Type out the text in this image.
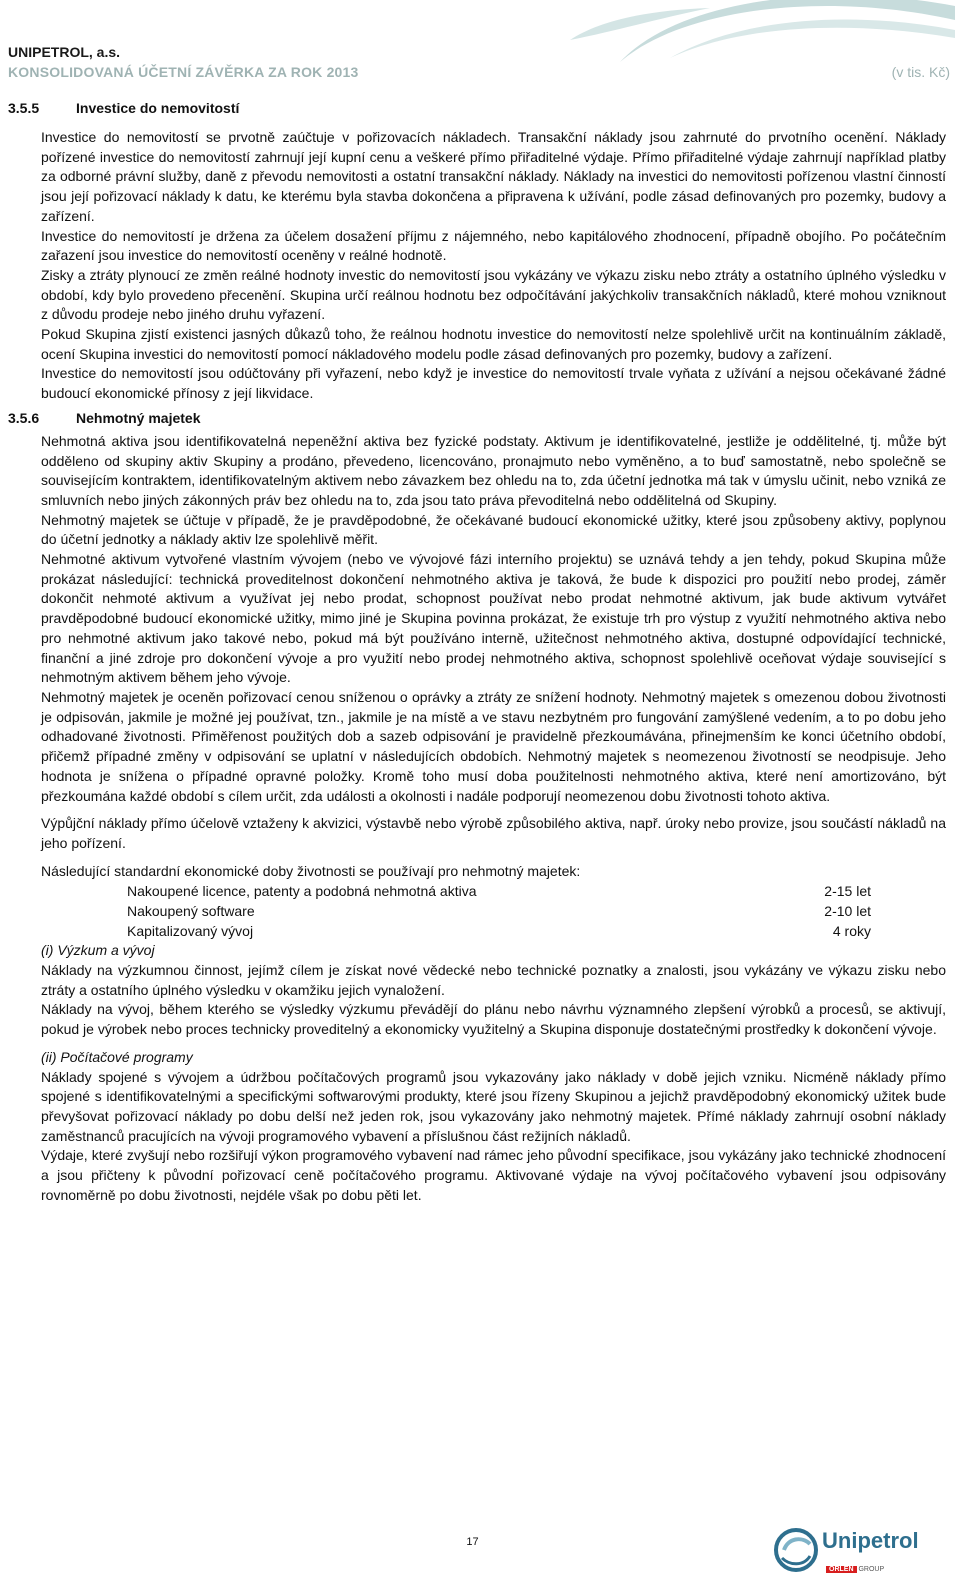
UNIPETROL, a.s.
KONSOLIDOVANÁ ÚČETNÍ ZÁVĚRKA ZA ROK 2013	(v tis. Kč)
3.5.5	Investice do nemovitostí

Investice do nemovitostí se prvotně zaúčtuje v pořizovacích nákladech. Transakční náklady jsou zahrnuté do prvotního ocenění. Náklady pořízené investice do nemovitostí zahrnují její kupní cenu a veškeré přímo přiřaditelné výdaje. Přímo přiřaditelné výdaje zahrnují například platby za odborné právní služby, daně z převodu nemovitosti a ostatní transakční náklady. Náklady na investici do nemovitosti pořízenou vlastní činností jsou její pořizovací náklady k datu, ke kterému byla stavba dokončena a připravena k užívání, podle zásad definovaných pro pozemky, budovy a zařízení.

Investice do nemovitostí je držena za účelem dosažení příjmu z nájemného, nebo kapitálového zhodnocení, případně obojího. Po počátečním zařazení jsou investice do nemovitostí oceněny v reálné hodnotě.

Zisky a ztráty plynoucí ze změn reálné hodnoty investic do nemovitostí jsou vykázány ve výkazu zisku nebo ztráty a ostatního úplného výsledku v období, kdy bylo provedeno přecenění. Skupina určí reálnou hodnotu bez odpočítávání jakýchkoliv transakčních nákladů, které mohou vzniknout z důvodu prodeje nebo jiného druhu vyřazení.

Pokud Skupina zjistí existenci jasných důkazů toho, že reálnou hodnotu investice do nemovitostí nelze spolehlivě určit na kontinuálním základě, ocení Skupina investici do nemovitostí pomocí nákladového modelu podle zásad definovaných pro pozemky, budovy a zařízení.

Investice do nemovitostí jsou odúčtovány při vyřazení, nebo když je investice do nemovitostí trvale vyňata z užívání a nejsou očekávané žádné budoucí ekonomické přínosy z její likvidace.

3.5.6	Nehmotný majetek

Nehmotná aktiva jsou identifikovatelná nepeněžní aktiva bez fyzické podstaty. Aktivum je identifikovatelné, jestliže je oddělitelné, tj. může být odděleno od skupiny aktiv Skupiny a prodáno, převedeno, licencováno, pronajmuto nebo vyměněno, a to buď samostatně, nebo společně se souvisejícím kontraktem, identifikovatelným aktivem nebo závazkem bez ohledu na to, zda účetní jednotka má tak v úmyslu učinit, nebo vzniká ze smluvních nebo jiných zákonných práv bez ohledu na to, zda jsou tato práva převoditelná nebo oddělitelná od Skupiny.

Nehmotný majetek se účtuje v případě, že je pravděpodobné, že očekávané budoucí ekonomické užitky, které jsou způsobeny aktivy, poplynou do účetní jednotky a náklady aktiv lze spolehlivě měřit.

Nehmotné aktivum vytvořené vlastním vývojem (nebo ve vývojové fázi interního projektu) se uznává tehdy a jen tehdy, pokud Skupina může prokázat následující: technická proveditelnost dokončení nehmotného aktiva je taková, že bude k dispozici pro použití nebo prodej, záměr dokončit nehmoté aktivum a využívat jej nebo prodat, schopnost používat nebo prodat nehmotné aktivum, jak bude aktivum vytvářet pravděpodobné budoucí ekonomické užitky, mimo jiné je Skupina povinna prokázat, že existuje trh pro výstup z využití nehmotného aktiva nebo pro nehmotné aktivum jako takové nebo, pokud má být používáno interně, užitečnost nehmotného aktiva, dostupné odpovídající technické, finanční a jiné zdroje pro dokončení vývoje a pro využití nebo prodej nehmotného aktiva, schopnost spolehlivě oceňovat výdaje související s nehmotným aktivem během jeho vývoje.

Nehmotný majetek je oceněn pořizovací cenou sníženou o oprávky a ztráty ze snížení hodnoty. Nehmotný majetek s omezenou dobou životnosti je odpisován, jakmile je možné jej používat, tzn., jakmile je na místě a ve stavu nezbytném pro fungování zamýšlené vedením, a to po dobu jeho odhadované životnosti. Přiměřenost použitých dob a sazeb odpisování je pravidelně přezkoumávána, přinejmenším ke konci účetního období, přičemž případné změny v odpisování se uplatní v následujících obdobích. Nehmotný majetek s neomezenou životností se neodpisuje. Jeho hodnota je snížena o případné opravné položky. Kromě toho musí doba použitelnosti nehmotného aktiva, které není amortizováno, být přezkoumána každé období s cílem určit, zda události a okolnosti i nadále podporují neomezenou dobu životnosti tohoto aktiva.

Výpůjční náklady přímo účelově vztaženy k akvizici, výstavbě nebo výrobě způsobilého aktiva, např. úroky nebo provize, jsou součástí nákladů na jeho pořízení.

Následující standardní ekonomické doby životnosti se používají pro nehmotný majetek:

Nakoupené licence, patenty a podobná nehmotná aktiva	2-15 let
Nakoupený software	2-10 let
Kapitalizovaný vývoj	4 roky

(i) Výzkum a vývoj

Náklady na výzkumnou činnost, jejímž cílem je získat nové vědecké nebo technické poznatky a znalosti, jsou vykázány ve výkazu zisku nebo ztráty a ostatního úplného výsledku v okamžiku jejich vynaložení.

Náklady na vývoj, během kterého se výsledky výzkumu převádějí do plánu nebo návrhu významného zlepšení výrobků a procesů, se aktivují, pokud je výrobek nebo proces technicky proveditelný a ekonomicky využitelný a Skupina disponuje dostatečnými prostředky k dokončení vývoje.

(ii) Počítačové programy

Náklady spojené s vývojem a údržbou počítačových programů jsou vykazovány jako náklady v době jejich vzniku. Nicméně náklady přímo spojené s identifikovatelnými a specifickými softwarovými produkty, které jsou řízeny Skupinou a jejichž pravděpodobný ekonomický užitek bude převyšovat pořizovací náklady po dobu delší než jeden rok, jsou vykazovány jako nehmotný majetek. Přímé náklady zahrnují osobní náklady zaměstnanců pracujících na vývoji programového vybavení a příslušnou část režijních nákladů.

Výdaje, které zvyšují nebo rozšiřují výkon programového vybavení nad rámec jeho původní specifikace, jsou vykázány jako technické zhodnocení a jsou přičteny k původní pořizovací ceně počítačového programu. Aktivované výdaje na vývoj počítačového vybavení jsou odpisovány rovnoměrně po dobu životnosti, nejdéle však po dobu pěti let.

17	Unipetrol
ORLEN GROUP
